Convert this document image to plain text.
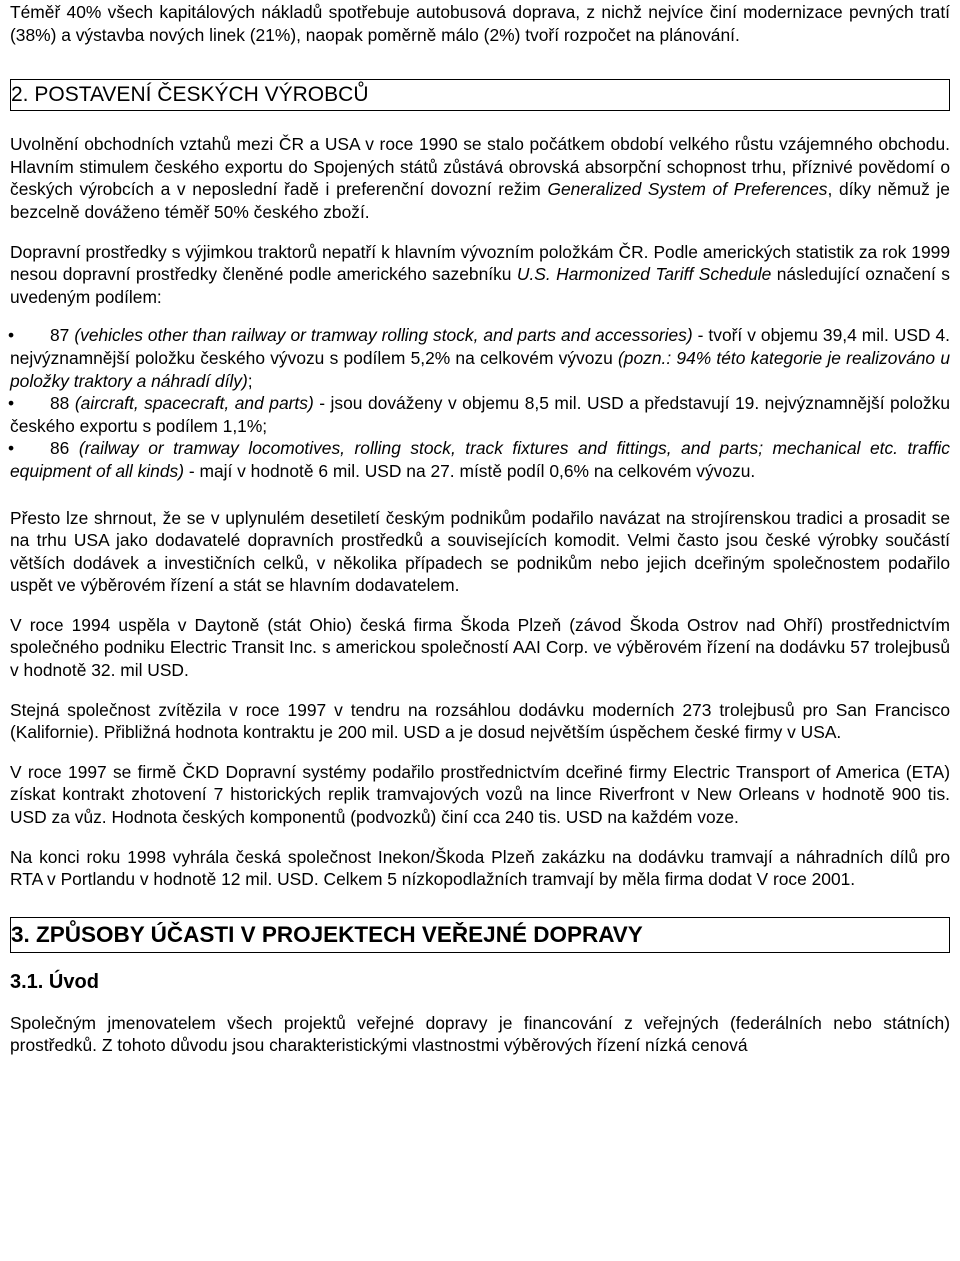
Téměř 40% všech kapitálových nákladů spotřebuje autobusová doprava, z nichž nejvíce činí modernizace pevných tratí (38%) a výstavba nových linek (21%), naopak poměrně málo (2%) tvoří rozpočet na plánování.

2. POSTAVENÍ ČESKÝCH VÝROBCŮ

Uvolnění obchodních vztahů mezi ČR a USA v roce 1990 se stalo počátkem období velkého růstu vzájemného obchodu. Hlavním stimulem českého exportu do Spojených států zůstává obrovská absorpční schopnost trhu, příznivé povědomí o českých výrobcích a v neposlední řadě i preferenční dovozní režim Generalized System of Preferences, díky němuž je bezcelně dováženo téměř 50% českého zboží.

Dopravní prostředky s výjimkou traktorů nepatří k hlavním vývozním položkám ČR. Podle amerických statistik za rok 1999 nesou dopravní prostředky členěné podle amerického sazebníku U.S. Harmonized Tariff Schedule následující označení s uvedeným podílem:

• 87 (vehicles other than railway or tramway rolling stock, and parts and accessories) - tvoří v objemu 39,4 mil. USD 4. nejvýznamnější položku českého vývozu s podílem 5,2% na celkovém vývozu (pozn.: 94% této kategorie je realizováno u položky traktory a náhradí díly);
• 88 (aircraft, spacecraft, and parts) - jsou dováženy v objemu 8,5 mil. USD a představují 19. nejvýznamnější položku českého exportu s podílem 1,1%;
• 86 (railway or tramway locomotives, rolling stock, track fixtures and fittings, and parts; mechanical etc. traffic equipment of all kinds) - mají v hodnotě 6 mil. USD na 27. místě podíl 0,6% na celkovém vývozu.

Přesto lze shrnout, že se v uplynulém desetiletí českým podnikům podařilo navázat na strojírenskou tradici a prosadit se na trhu USA jako dodavatelé dopravních prostředků a souvisejících komodit. Velmi často jsou české výrobky součástí větších dodávek a investičních celků, v několika případech se podnikům nebo jejich dceřiným společnostem podařilo uspět ve výběrovém řízení a stát se hlavním dodavatelem.

V roce 1994 uspěla v Daytoně (stát Ohio) česká firma Škoda Plzeň (závod Škoda Ostrov nad Ohří) prostřednictvím společného podniku Electric Transit Inc. s americkou společností AAI Corp. ve výběrovém řízení na dodávku 57 trolejbusů v hodnotě 32. mil USD.

Stejná společnost zvítězila v roce 1997 v tendru na rozsáhlou dodávku moderních 273 trolejbusů pro San Francisco (Kalifornie). Přibližná hodnota kontraktu je 200 mil. USD a je dosud největším úspěchem české firmy v USA.

V roce 1997 se firmě ČKD Dopravní systémy podařilo prostřednictvím dceřiné firmy Electric Transport of America (ETA) získat kontrakt zhotovení 7 historických replik tramvajových vozů na lince Riverfront v New Orleans v hodnotě 900 tis. USD za vůz. Hodnota českých komponentů (podvozků) činí cca 240 tis. USD na každém voze.

Na konci roku 1998 vyhrála česká společnost Inekon/Škoda Plzeň zakázku na dodávku tramvají a náhradních dílů pro RTA v Portlandu v hodnotě 12 mil. USD. Celkem 5 nízkopodlažních tramvají by měla firma dodat V roce 2001.

3. ZPŮSOBY ÚČASTI V PROJEKTECH VEŘEJNÉ DOPRAVY
3.1. Úvod

Společným jmenovatelem všech projektů veřejné dopravy je financování z veřejných (federálních nebo státních) prostředků. Z tohoto důvodu jsou charakteristickými vlastnostmi výběrových řízení nízká cenová
